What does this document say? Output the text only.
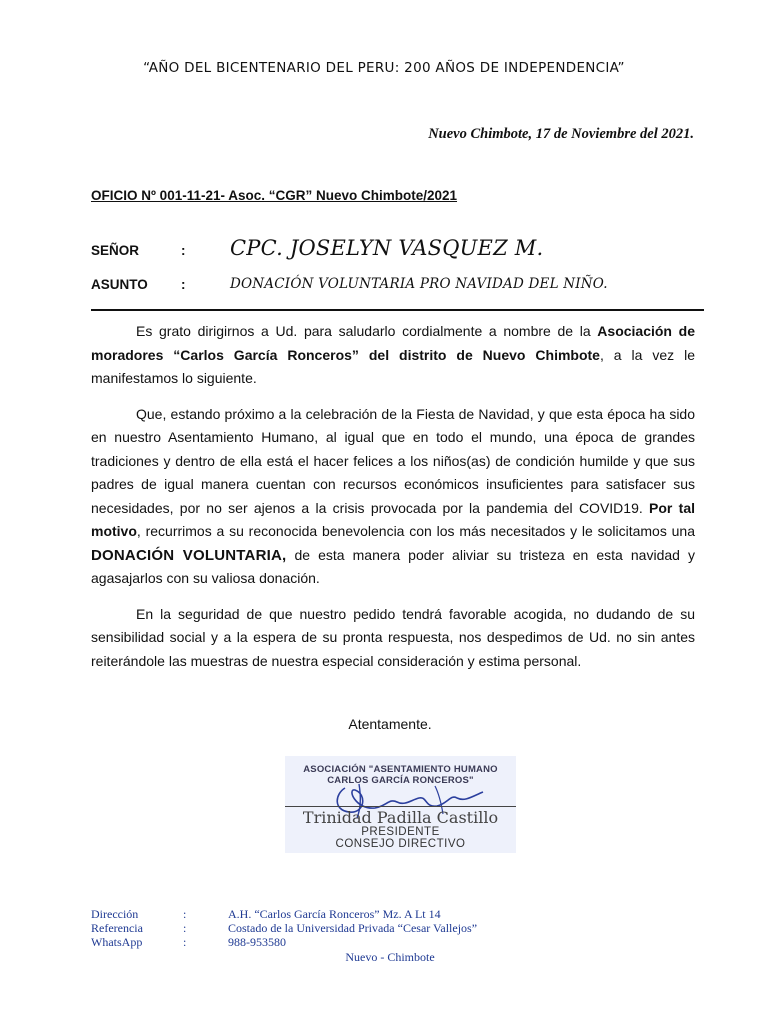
“AÑO DEL BICENTENARIO DEL PERU: 200 AÑOS DE INDEPENDENCIA”
Nuevo Chimbote, 17 de Noviembre del 2021.
OFICIO Nº 001-11-21- Asoc. “CGR” Nuevo Chimbote/2021
SEÑOR	: CPC. JOSELYN VASQUEZ M.
ASUNTO :	DONACIÓN VOLUNTARIA PRO NAVIDAD DEL NIÑO.

Es grato dirigirnos a Ud. para saludarlo cordialmente a nombre de la Asociación de moradores “Carlos García Ronceros” del distrito de Nuevo Chimbote, a la vez le manifestamos lo siguiente.

Que, estando próximo a la celebración de la Fiesta de Navidad, y que esta época ha sido en nuestro Asentamiento Humano, al igual que en todo el mundo, una época de grandes tradiciones y dentro de ella está el hacer felices a los niños(as) de condición humilde y que sus padres de igual manera cuentan con recursos económicos insuficientes para satisfacer sus necesidades, por no ser ajenos a la crisis provocada por la pandemia del COVID19. Por tal motivo, recurrimos a su reconocida benevolencia con los más necesitados y le solicitamos una DONACIÓN VOLUNTARIA, de esta manera poder aliviar su tristeza en esta navidad y agasajarlos con su valiosa donación.

En la seguridad de que nuestro pedido tendrá favorable acogida, no dudando de su sensibilidad social y a la espera de su pronta respuesta, nos despedimos de Ud. no sin antes reiterándole las muestras de nuestra especial consideración y estima personal.

Atentamente.
ASOCIACIÓN "ASENTAMIENTO HUMANO
CARLOS GARCÍA RONCEROS"
Trinidad Padilla Castillo
PRESIDENTE
CONSEJO DIRECTIVO
Dirección	:	A.H. “Carlos García Ronceros” Mz. A Lt 14
Referencia	:	Costado de la Universidad Privada “Cesar Vallejos”
WhatsApp	:	988-953580
Nuevo - Chimbote
